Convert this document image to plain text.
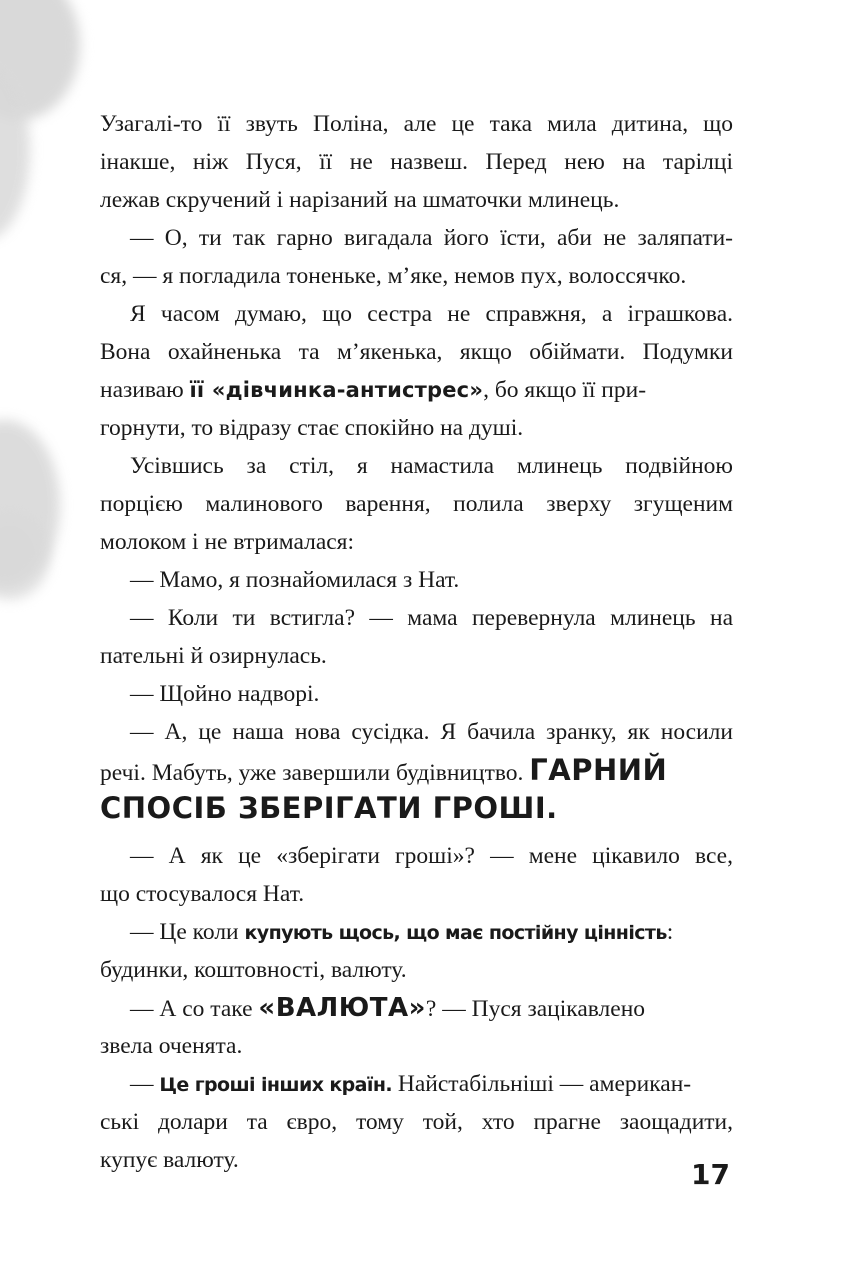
Узагалі-то її звуть Поліна, але це така мила дитина, що
інакше, ніж Пуся, її не назвеш. Перед нею на тарілці
лежав скручений і нарізаний на шматочки млинець.
— О, ти так гарно вигадала його їсти, аби не заляпати-
ся, — я погладила тоненьке, м’яке, немов пух, волоссячко.
Я часом думаю, що сестра не справжня, а іграшкова.
Вона охайненька та м’якенька, якщо обіймати. Подумки
називаю її «дівчинка-антистрес», бо якщо її при-
горнути, то відразу стає спокійно на душі.
Усівшись за стіл, я намастила млинець подвійною
порцією малинового варення, полила зверху згущеним
молоком і не втрималася:
— Мамо, я познайомилася з Нат.
— Коли ти встигла? — мама перевернула млинець на
пательні й озирнулась.
— Щойно надворі.
— А, це наша нова сусідка. Я бачила зранку, як носили
речі. Мабуть, уже завершили будівництво. ГАРНИЙ
СПОСІБ ЗБЕРІГАТИ ГРОШІ.
— А як це «зберігати гроші»? — мене цікавило все,
що стосувалося Нат.
— Це коли купують щось, що має постійну цінність:
будинки, коштовності, валюту.
— А со таке «ВАЛЮТА»? — Пуся зацікавлено
звела оченята.
— Це гроші інших країн. Найстабільніші — американ-
ські долари та євро, тому той, хто прагне заощадити,
купує валюту.	17
